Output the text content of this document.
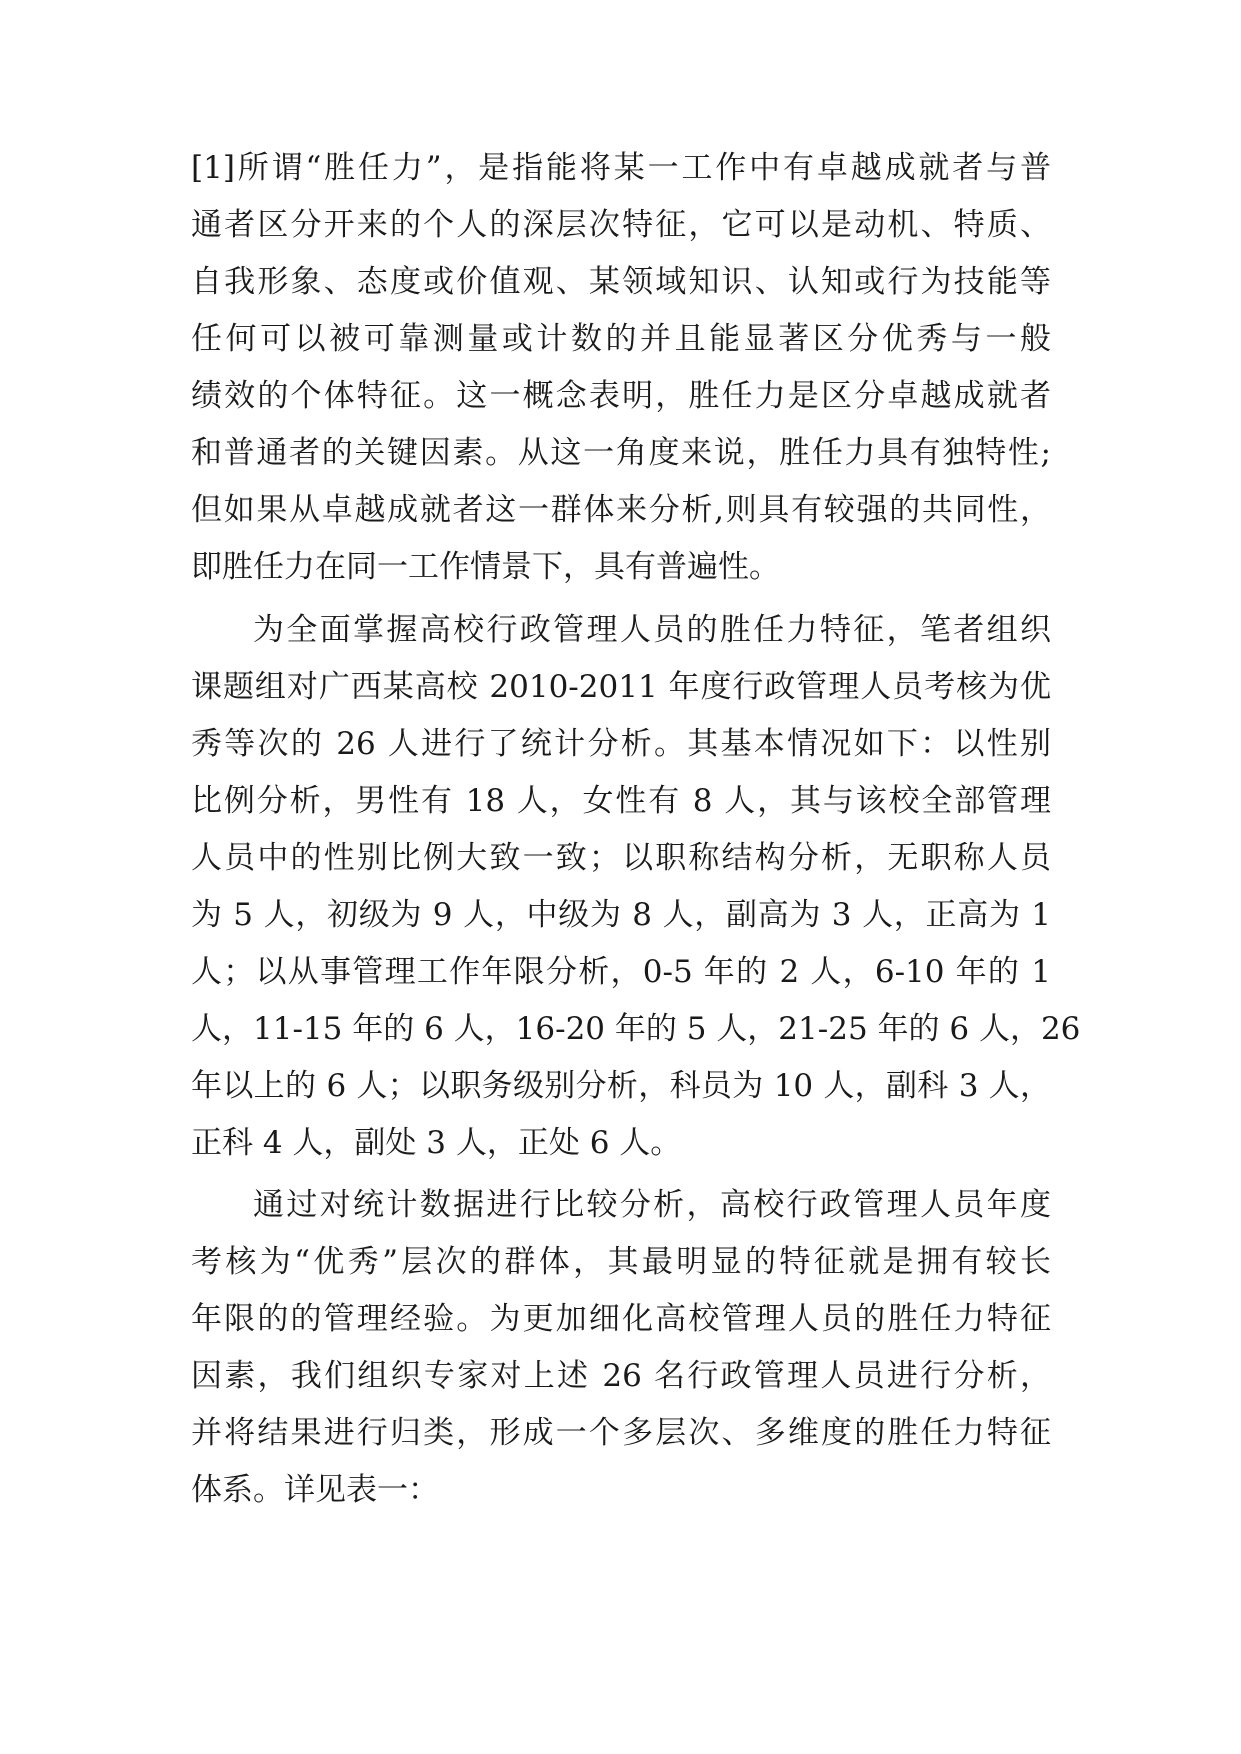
[1]所谓“胜任力”，是指能将某一工作中有卓越成就者与普
通者区分开来的个人的深层次特征，它可以是动机、特质、
自我形象、态度或价值观、某领域知识、认知或行为技能等
任何可以被可靠测量或计数的并且能显著区分优秀与一般
绩效的个体特征。这一概念表明，胜任力是区分卓越成就者
和普通者的关键因素。从这一角度来说，胜任力具有独特性;
但如果从卓越成就者这一群体来分析,则具有较强的共同性，
即胜任力在同一工作情景下，具有普遍性。
为全面掌握高校行政管理人员的胜任力特征，笔者组织
课题组对广西某高校 2010-2011 年度行政管理人员考核为优
秀等次的 26 人进行了统计分析。其基本情况如下：以性别
比例分析，男性有 18 人，女性有 8 人，其与该校全部管理
人员中的性别比例大致一致；以职称结构分析，无职称人员
为 5 人，初级为 9 人，中级为 8 人，副高为 3 人，正高为 1
人；以从事管理工作年限分析，0-5 年的 2 人，6-10 年的 1
人，11-15 年的 6 人，16-20 年的 5 人，21-25 年的 6 人，26
年以上的 6 人；以职务级别分析，科员为 10 人，副科 3 人，
正科 4 人，副处 3 人，正处 6 人。
通过对统计数据进行比较分析，高校行政管理人员年度
考核为“优秀”层次的群体，其最明显的特征就是拥有较长
年限的的管理经验。为更加细化高校管理人员的胜任力特征
因素，我们组织专家对上述 26 名行政管理人员进行分析，
并将结果进行归类，形成一个多层次、多维度的胜任力特征
体系。详见表一：
